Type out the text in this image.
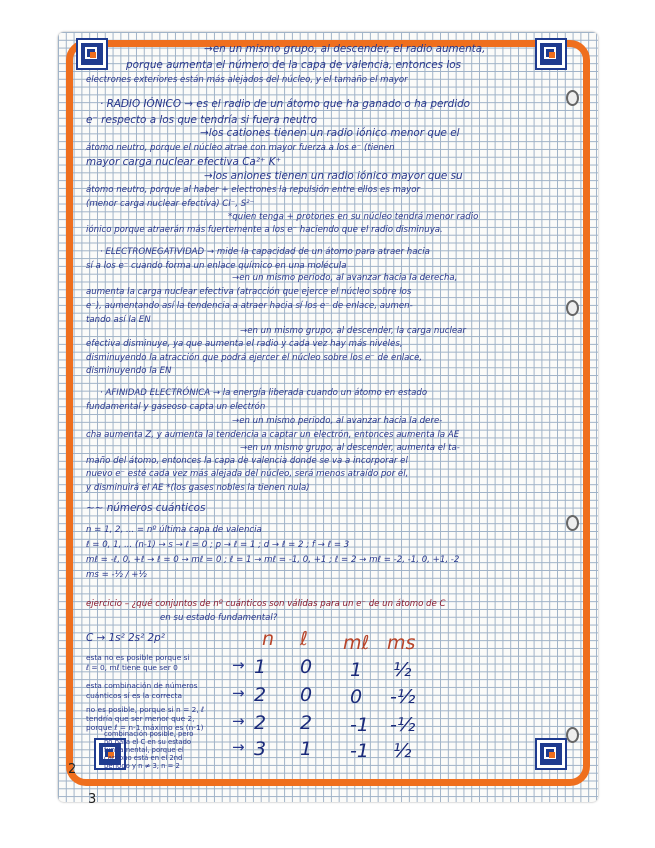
→en un mismo grupo, al descender, el radio aumenta,
porque aumenta el número de la capa de valencia, entonces los
electrones exteriores están más alejados del núcleo, y el tamaño el mayor
· RADIO IÓNICO → es el radio de un átomo que ha ganado o ha perdido
e⁻ respecto a los que tendría si fuera neutro
→los cationes tienen un radio iónico menor que el
átomo neutro, porque el núcleo atrae con mayor fuerza a los e⁻ (tienen
mayor carga nuclear efectiva Ca²⁺ K⁺
→los aniones tienen un radio iónico mayor que su
átomo neutro, porque al haber + electrones la repulsión entre ellos es mayor
(menor carga nuclear efectiva) Cl⁻, S²⁻
*quien tenga + protones en su núcleo tendrá menor radio
iónico porque atraerán más fuertemente a los e⁻ haciendo que el radio disminuya.
· ELECTRONEGATIVIDAD → mide la capacidad de un átomo para atraer hacia
sí a los e⁻ cuando forma un enlace químico en una molécula
→en un mismo periodo, al avanzar hacia la derecha,
aumenta la carga nuclear efectiva (atracción que ejerce el núcleo sobre los
e⁻), aumentando así la tendencia a atraer hacia sí los e⁻ de enlace, aumen-
tando así la EN
→en un mismo grupo, al descender, la carga nuclear
efectiva disminuye, ya que aumenta el radio y cada vez hay más niveles,
disminuyendo la atracción que podrá ejercer el núcleo sobre los e⁻ de enlace,
disminuyendo la EN
· AFINIDAD ELECTRÓNICA → la energía liberada cuando un átomo en estado
fundamental y gaseoso capta un electrón
→en un mismo periodo, al avanzar hacia la dere-
cha aumenta Z, y aumenta la tendencia a captar un electrón, entonces aumenta la AE
→en un mismo grupo, al descender, aumenta el ta-
maño del átomo, entonces la capa de valencia donde se va a incorporar el
nuevo e⁻ esté cada vez más alejada del núcleo, será menos atraído por él,
y disminuirá el AE *(los gases nobles la tienen nula)
~~ números cuánticos
n = 1, 2, ... = nº última capa de valencia
ℓ = 0, 1, ... (n-1) → s → ℓ = 0 ; p → ℓ = 1 ; d → ℓ = 2 ; f → ℓ = 3
mℓ = -ℓ, 0, +ℓ → ℓ = 0 → mℓ = 0 ; ℓ = 1 → mℓ = -1, 0, +1 ; ℓ = 2 → mℓ = -2, -1, 0, +1, -2
ms = -½ / +½
ejercicio – ¿qué conjuntos de nº cuánticos son válidas para un e⁻ de un átomo de C
en su estado fundamental?
C → 1s² 2s² 2p²	n ℓ mℓ ms
esta no es posible porque si
ℓ = 0, mℓ tiene que ser 0	→ 1 0 1 ½
esta combinación de números
cuánticos sí es la correcta	→ 2 0 0 -½
no es posible, porque si n = 2, ℓ
tendría que ser menor que 2,
porque ℓ = n-1 máximo es (n-1) → 2 2 -1 -½
combinación posible, pero
no para el C en su estado
fundamental, porque el
carbono está en el 2nd
periodo y n ≠ 3, n = 2
→ 3 1 -1 ½
2
3
